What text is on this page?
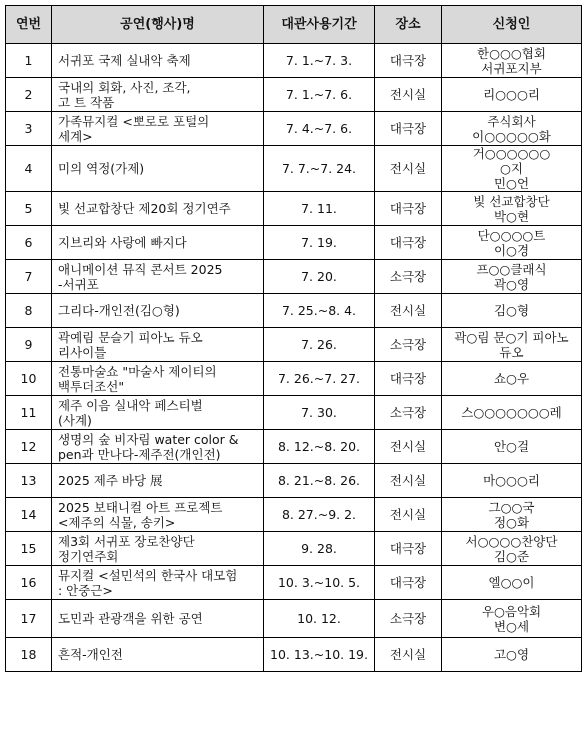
연번	공연(행사)명	대관사용기간	장소	신청인
1	서귀포 국제 실내악 축제	7. 1.~7. 3.	대극장	한○○○협회
서귀포지부
2	국내의 회화, 사진, 조각,
고 트 작품	7. 1.~7. 6.	전시실	리○○○리
3	가족뮤지컬 <뽀로로 포털의
세계>	7. 4.~7. 6.	대극장	주식회사
이○○○○○화
4	미의 역정(가제)	7. 7.~7. 24.	전시실	거○○○○○○
○지
민○언
5	빛 선교합창단 제20회 정기연주	7. 11.	대극장	빛 선교합창단
박○현
6	지브리와 사랑에 빠지다	7. 19.	대극장	단○○○○트
이○경
7	애니메이션 뮤직 콘서트 2025
-서귀포	7. 20.	소극장	프○○클래식
곽○영
8	그리다-개인전(김○형)	7. 25.~8. 4.	전시실	김○형
9	곽예림 문슬기 피아노 듀오
리사이틀	7. 26.	소극장	곽○림 문○기 피아노
듀오
10	전통마술쇼 "마술사 제이티의
백투더조선"	7. 26.~7. 27.	대극장	쇼○우
11	제주 이음 실내악 페스티벌
(사계)	7. 30.	소극장	스○○○○○○○레
12	생명의 숲 비자림 water color &
pen과 만나다-제주전(개인전)	8. 12.~8. 20.	전시실	안○걸
13	2025 제주 바당 展	8. 21.~8. 26.	전시실	마○○○리
14	2025 보태니컬 아트 프로젝트
<제주의 식물, 송키>	8. 27.~9. 2.	전시실	그○○국
정○화
15	제3회 서귀포 장로찬양단
정기연주회	9. 28.	대극장	서○○○○찬양단
김○준
16	뮤지컬 <설민석의 한국사 대모험
: 안중근>	10. 3.~10. 5.	대극장	엘○○이
17	도민과 관광객을 위한 공연	10. 12.	소극장	우○음악회
변○세
18	흔적-개인전	10. 13.~10. 19.	전시실	고○영
